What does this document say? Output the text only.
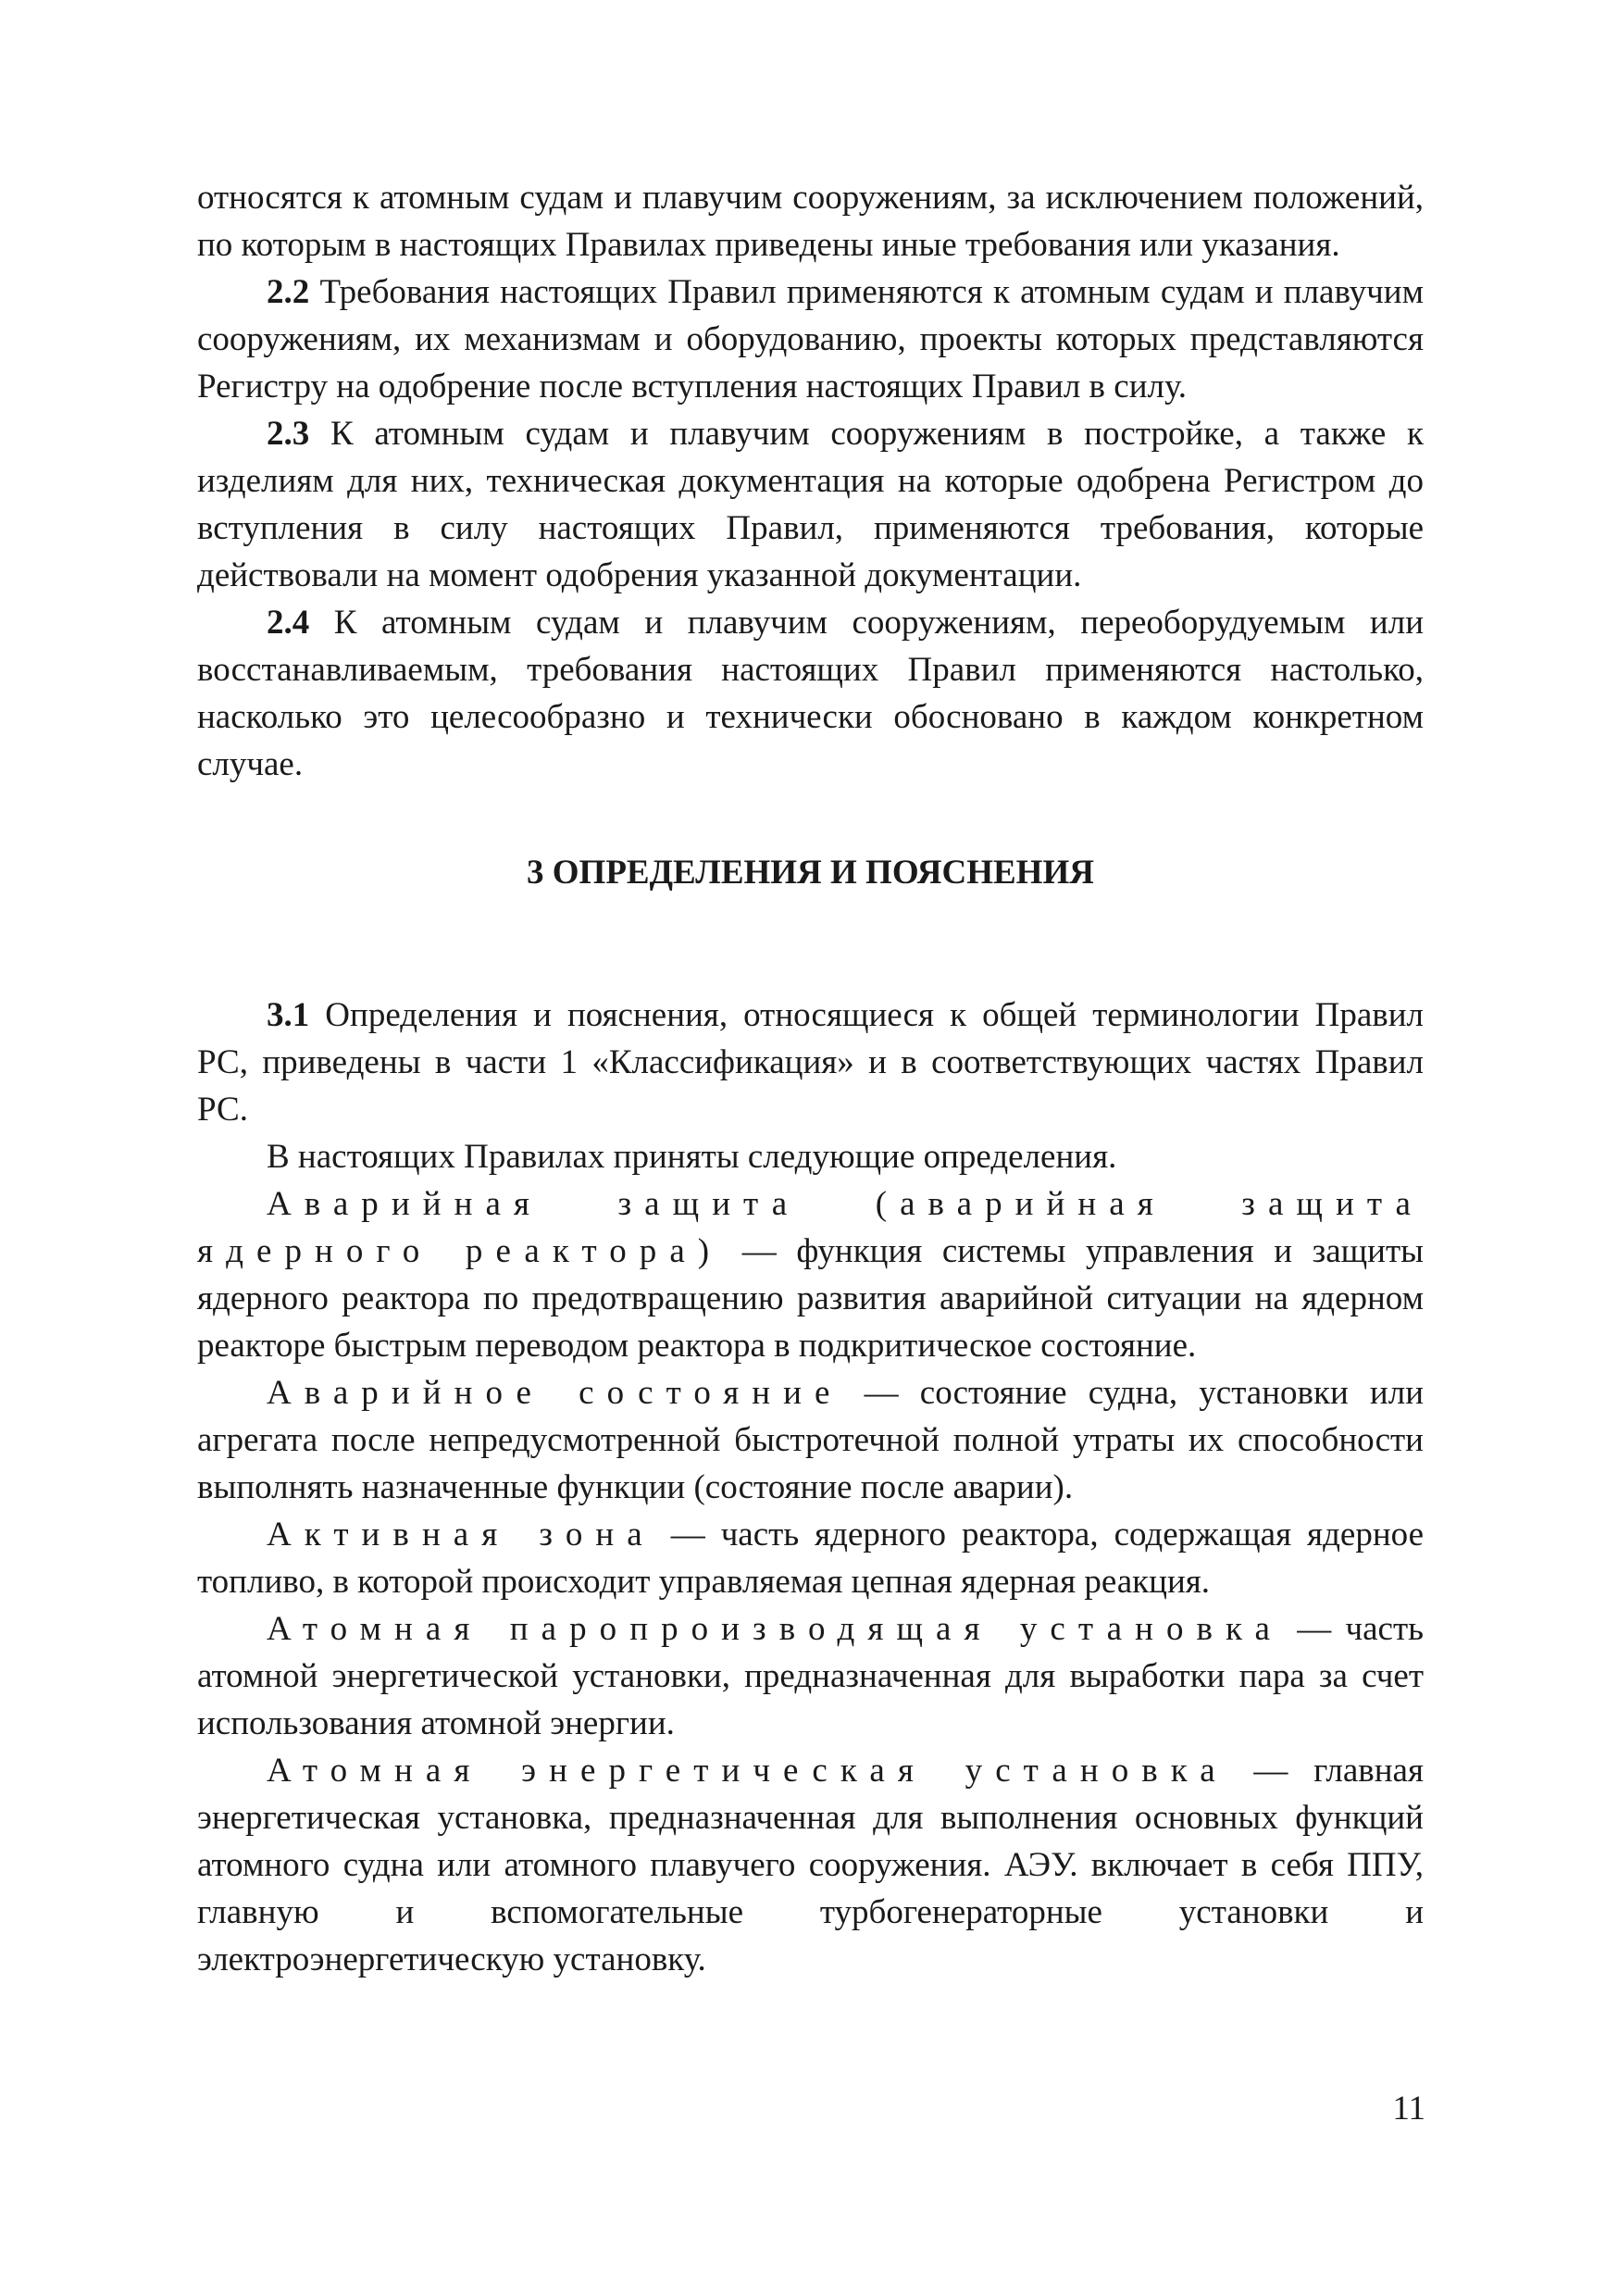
относятся к атомным судам и плавучим сооружениям, за исключением положений, по которым в настоящих Правилах приведены иные требования или указания.

2.2 Требования настоящих Правил применяются к атомным судам и плавучим сооружениям, их механизмам и оборудованию, проекты которых представляются Регистру на одобрение после вступления настоящих Правил в силу.

2.3 К атомным судам и плавучим сооружениям в постройке, а также к изделиям для них, техническая документация на которые одобрена Регистром до вступления в силу настоящих Правил, применяются требования, которые действовали на момент одобрения указанной документации.

2.4 К атомным судам и плавучим сооружениям, переоборудуемым или восстанавливаемым, требования настоящих Правил применяются настолько, насколько это целесообразно и технически обосновано в каждом конкретном случае.

3 ОПРЕДЕЛЕНИЯ И ПОЯСНЕНИЯ

3.1 Определения и пояснения, относящиеся к общей терминологии Правил РС, приведены в части 1 «Классификация» и в соответствующих частях Правил РС.

В настоящих Правилах приняты следующие определения.

Аварийная защита (аварийная защита ядерного реактора) — функция системы управления и защиты ядерного реактора по предотвращению развития аварийной ситуации на ядерном реакторе быстрым переводом реактора в подкритическое состояние.

Аварийное состояние — состояние судна, установки или агрегата после непредусмотренной быстротечной полной утраты их способности выполнять назначенные функции (состояние после аварии).

Активная зона — часть ядерного реактора, содержащая ядерное топливо, в которой происходит управляемая цепная ядерная реакция.

Атомная паропроизводящая установка — часть атомной энергетической установки, предназначенная для выработки пара за счет использования атомной энергии.

Атомная энергетическая установка — главная энергетическая установка, предназначенная для выполнения основных функций атомного судна или атомного плавучего сооружения. АЭУ. включает в себя ППУ, главную и вспомогательные турбогенераторные установки и электроэнергетическую установку.

11
